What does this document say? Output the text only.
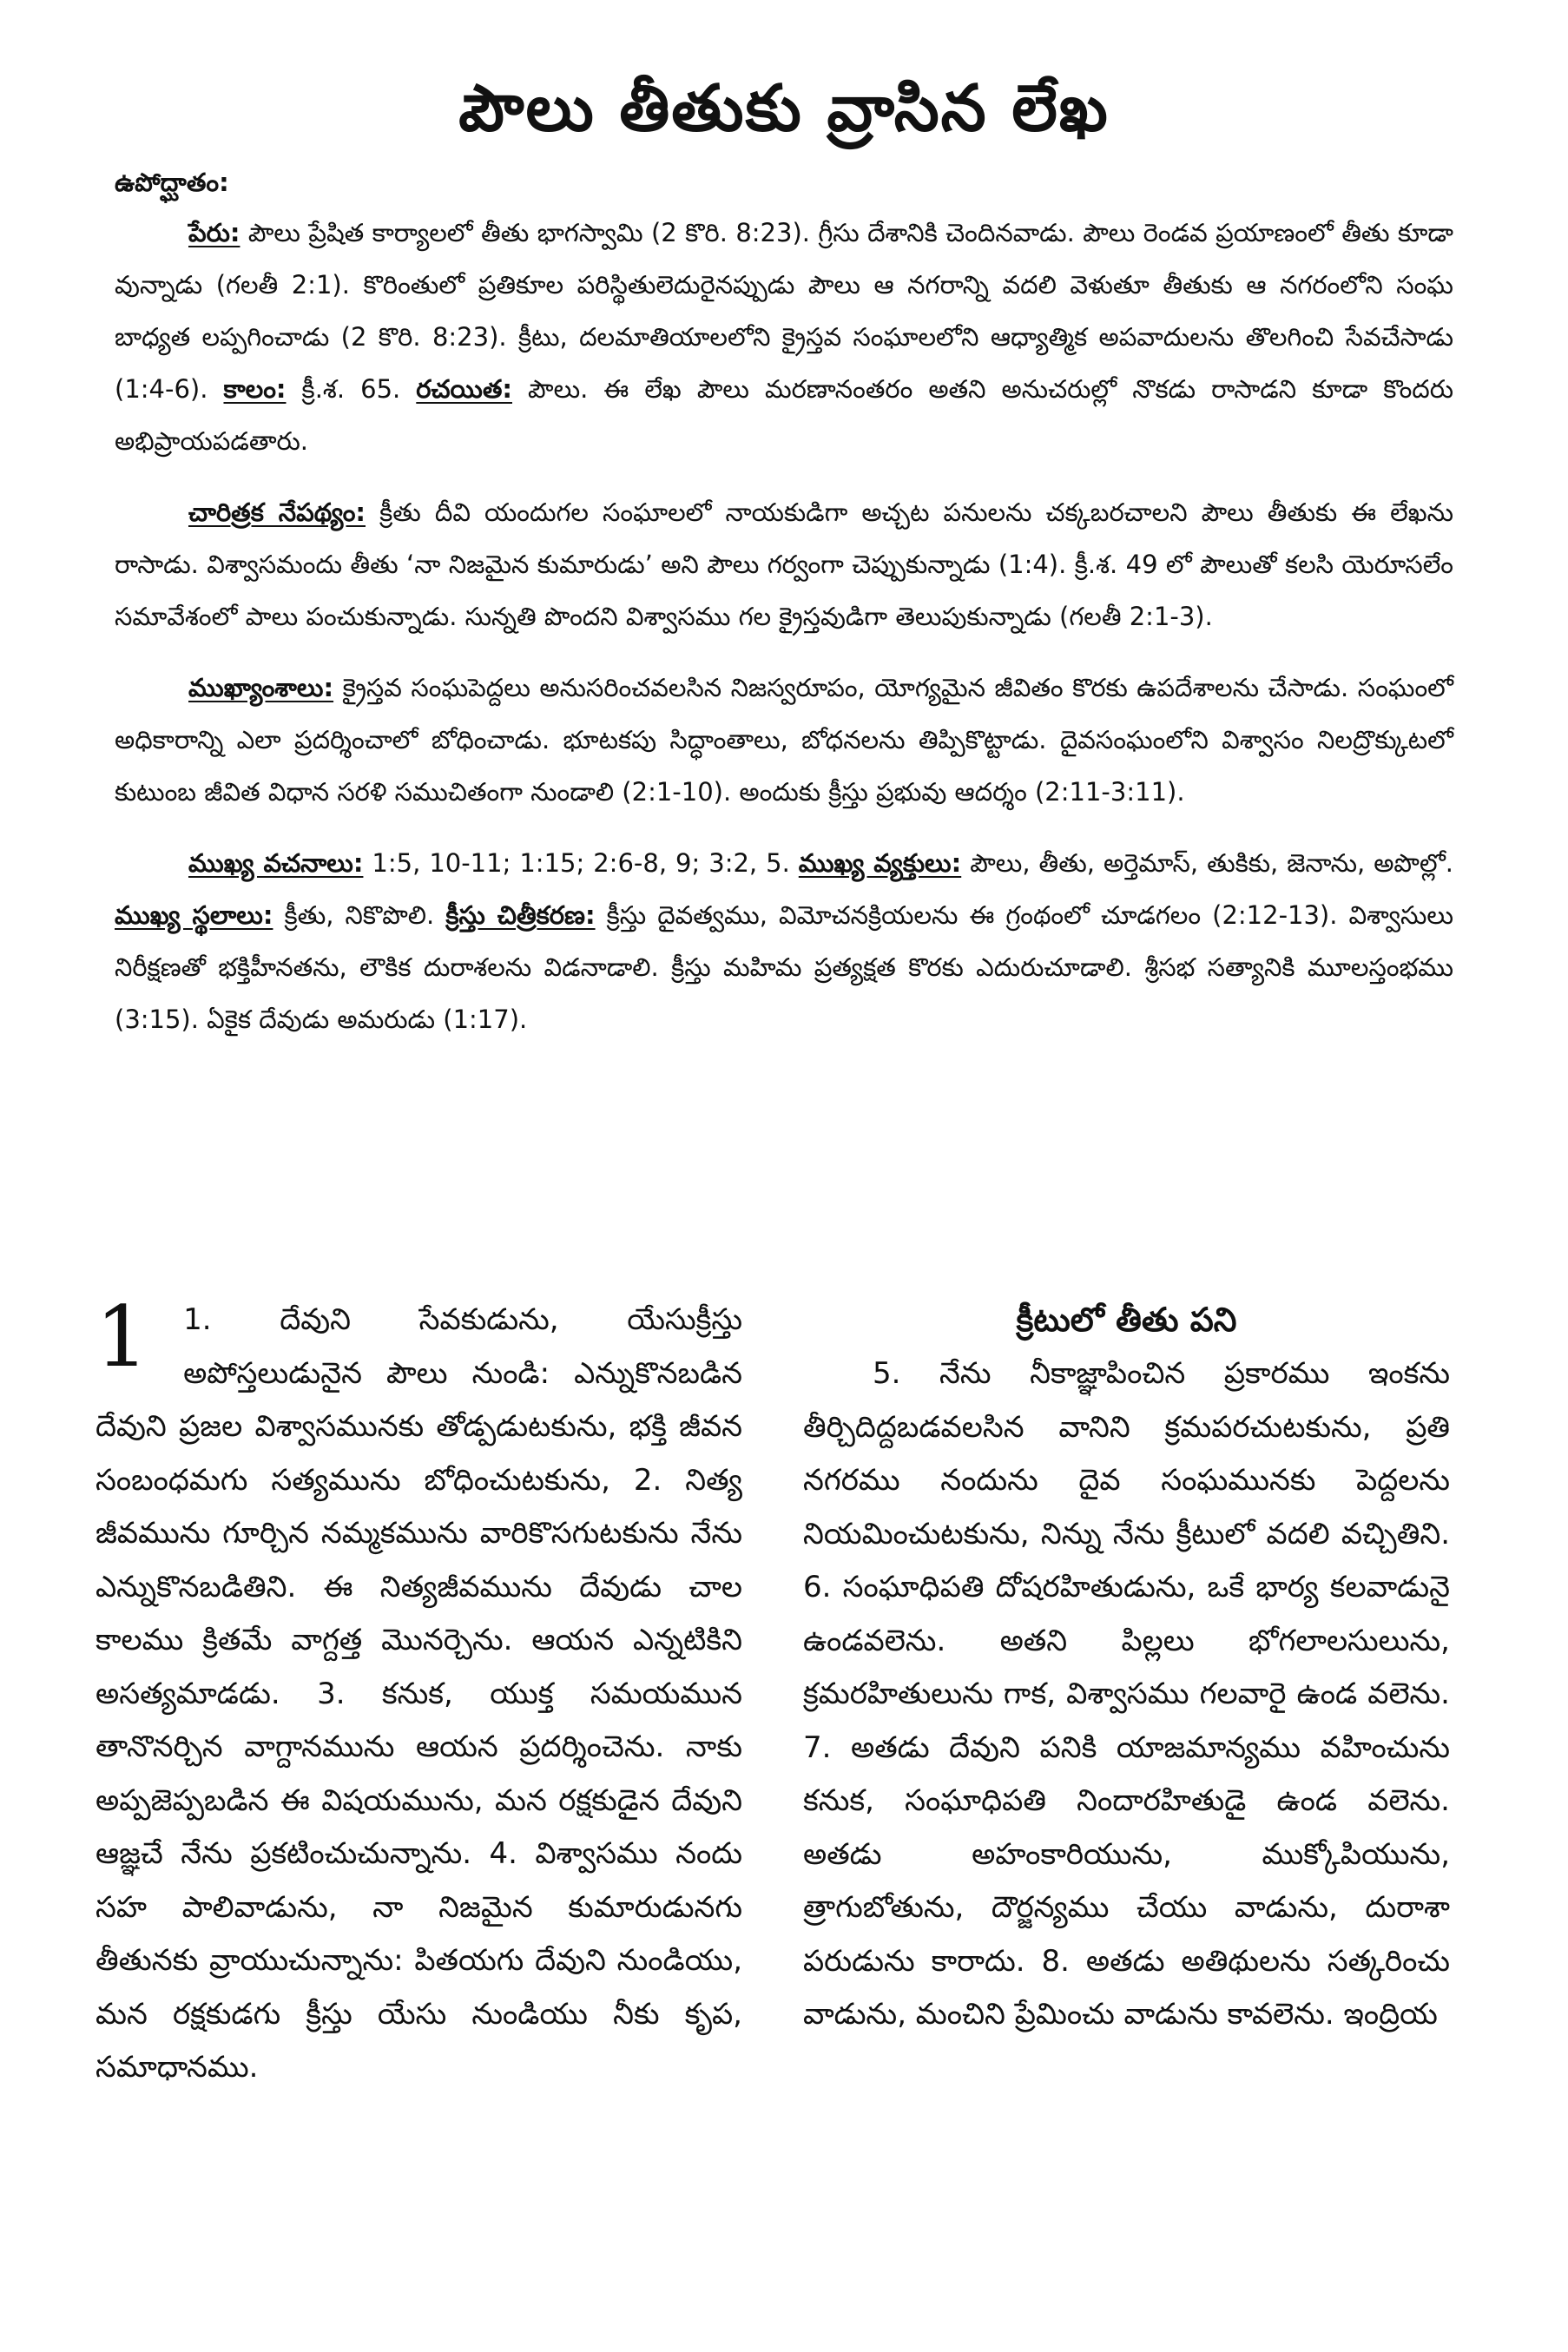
పౌలు తీతుకు వ్రాసిన లేఖ
ఉపోద్ఘాతం:

పేరు: పౌలు ప్రేషిత కార్యాలలో తీతు భాగస్వామి (2 కొరి. 8:23). గ్రీసు దేశానికి చెందినవాడు. పౌలు రెండవ ప్రయాణంలో తీతు కూడా వున్నాడు (గలతీ 2:1). కొరింతులో ప్రతికూల పరిస్థితులెదురైనప్పుడు పౌలు ఆ నగరాన్ని వదలి వెళుతూ తీతుకు ఆ నగరంలోని సంఘ బాధ్యత లప్పగించాడు (2 కొరి. 8:23). క్రీటు, దలమాతియాలలోని క్రైస్తవ సంఘాలలోని ఆధ్యాత్మిక అపవాదులను తొలగించి సేవచేసాడు (1:4-6). కాలం: క్రీ.శ. 65. రచయిత: పౌలు. ఈ లేఖ పౌలు మరణానంతరం అతని అనుచరుల్లో నొకడు రాసాడని కూడా కొందరు అభిప్రాయపడతారు.

చారిత్రక నేపథ్యం: క్రీతు దీవి యందుగల సంఘాలలో నాయకుడిగా అచ్చట పనులను చక్కబరచాలని పౌలు తీతుకు ఈ లేఖను రాసాడు. విశ్వాసమందు తీతు ‘నా నిజమైన కుమారుడు’ అని పౌలు గర్వంగా చెప్పుకున్నాడు (1:4). క్రీ.శ. 49 లో పౌలుతో కలసి యెరూసలేం సమావేశంలో పాలు పంచుకున్నాడు. సున్నతి పొందని విశ్వాసము గల క్రైస్తవుడిగా తెలుపుకున్నాడు (గలతీ 2:1-3).

ముఖ్యాంశాలు: క్రైస్తవ సంఘపెద్దలు అనుసరించవలసిన నిజస్వరూపం, యోగ్యమైన జీవితం కొరకు ఉపదేశాలను చేసాడు. సంఘంలో అధికారాన్ని ఎలా ప్రదర్శించాలో బోధించాడు. భూటకపు సిద్ధాంతాలు, బోధనలను తిప్పికొట్టాడు. దైవసంఘంలోని విశ్వాసం నిలద్రొక్కుటలో కుటుంబ జీవిత విధాన సరళి సముచితంగా నుండాలి (2:1-10). అందుకు క్రీస్తు ప్రభువు ఆదర్శం (2:11-3:11).

ముఖ్య వచనాలు: 1:5, 10-11; 1:15; 2:6-8, 9; 3:2, 5. ముఖ్య వ్యక్తులు: పౌలు, తీతు, అర్తెమాస్, తుకికు, జెనాను, అపొల్లో. ముఖ్య స్థలాలు: క్రీతు, నికొపొలి. క్రీస్తు చిత్రీకరణ: క్రీస్తు దైవత్వము, విమోచనక్రియలను ఈ గ్రంథంలో చూడగలం (2:12-13). విశ్వాసులు నిరీక్షణతో భక్తిహీనతను, లౌకిక దురాశలను విడనాడాలి. క్రీస్తు మహిమ ప్రత్యక్షత కొరకు ఎదురుచూడాలి. శ్రీసభ సత్యానికి మూలస్తంభము (3:15). ఏకైక దేవుడు అమరుడు (1:17).

1	1. దేవుని సేవకుడును, యేసుక్రీస్తు అపోస్తలుడునైన పౌలు నుండి: ఎన్నుకొనబడిన దేవుని ప్రజల విశ్వాసమునకు తోడ్పడుటకును, భక్తి జీవన సంబంధమగు సత్యమును బోధించుటకును, 2. నిత్య జీవమును గూర్చిన నమ్మకమును వారికొసగుటకును నేను ఎన్నుకొనబడితిని. ఈ నిత్యజీవమును దేవుడు చాల కాలము క్రితమే వాగ్దత్త మొనర్చెను. ఆయన ఎన్నటికిని అసత్యమాడడు. 3. కనుక, యుక్త సమయమున తానొనర్చిన వాగ్దానమును ఆయన ప్రదర్శించెను. నాకు అప్పజెప్పబడిన ఈ విషయమును, మన రక్షకుడైన దేవుని ఆజ్ఞచే నేను ప్రకటించుచున్నాను. 4. విశ్వాసము నందు సహ పాలివాడును, నా నిజమైన కుమారుడునగు తీతునకు వ్రాయుచున్నాను: పితయగు దేవుని నుండియు, మన రక్షకుడగు క్రీస్తు యేసు నుండియు నీకు కృప, సమాధానము.

క్రీటులో తీతు పని

5. నేను నీకాజ్ఞాపించిన ప్రకారము ఇంకను తీర్చిదిద్దబడవలసిన వానిని క్రమపరచుటకును, ప్రతి నగరము నందును దైవ సంఘమునకు పెద్దలను నియమించుటకును, నిన్ను నేను క్రీటులో వదలి వచ్చితిని. 6. సంఘాధిపతి దోషరహితుడును, ఒకే భార్య కలవాడునై ఉండవలెను. అతని పిల్లలు భోగలాలసులును, క్రమరహితులును గాక, విశ్వాసము గలవారై ఉండ వలెను. 7. అతడు దేవుని పనికి యాజమాన్యము వహించును కనుక, సంఘాధిపతి నిందారహితుడై ఉండ వలెను. అతడు అహంకారియును, ముక్కోపియును, త్రాగుబోతును, దౌర్జన్యము చేయు వాడును, దురాశా పరుడును కారాదు. 8. అతడు అతిథులను సత్కరించు వాడును, మంచిని ప్రేమించు వాడును కావలెను. ఇంద్రియ
